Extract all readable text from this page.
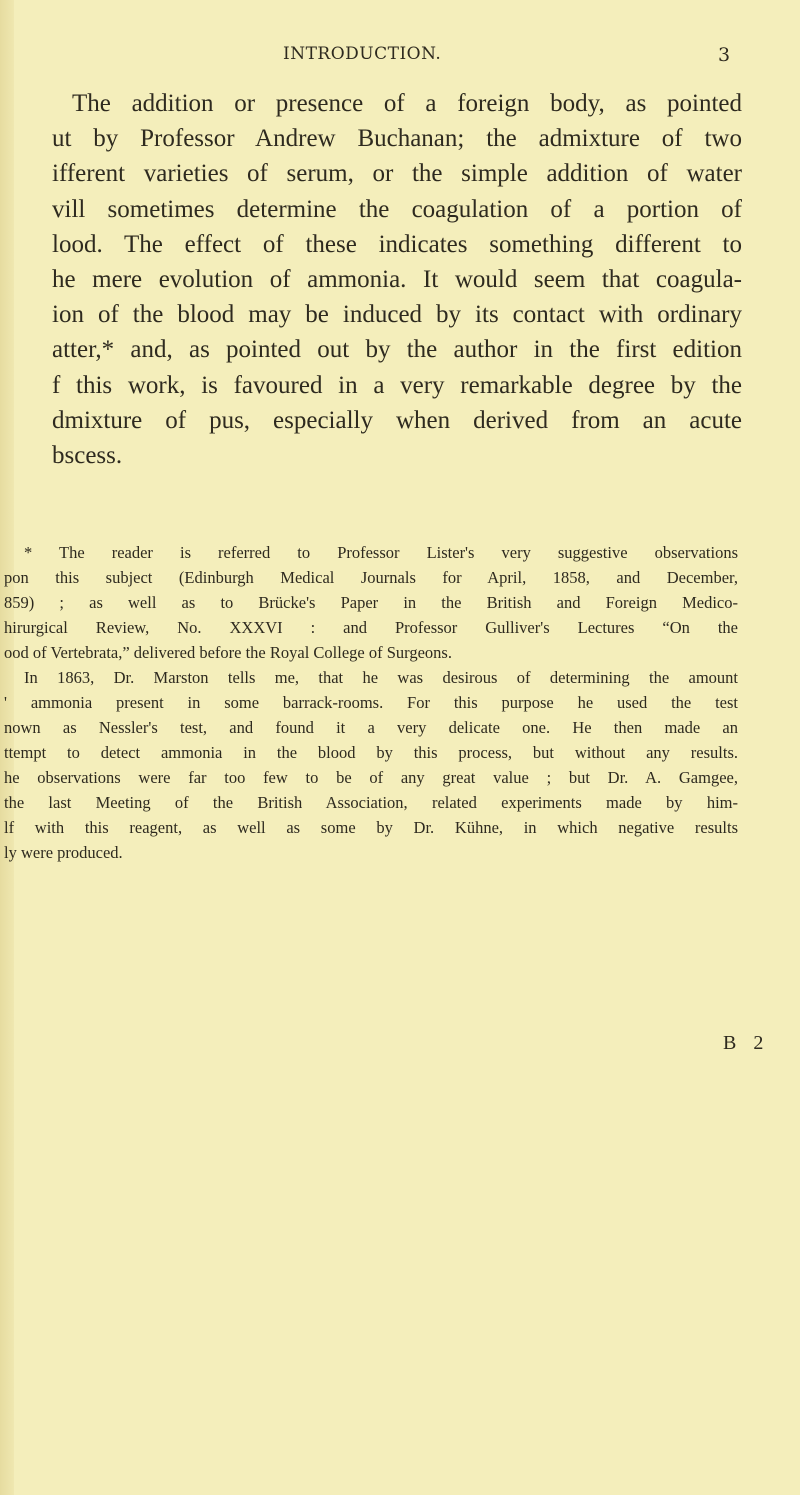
INTRODUCTION.	3
The addition or presence of a foreign body, as pointed
ut by Professor Andrew Buchanan; the admixture of two
ifferent varieties of serum, or the simple addition of water
vill sometimes determine the coagulation of a portion of
lood. The effect of these indicates something different to
he mere evolution of ammonia. It would seem that coagula-
ion of the blood may be induced by its contact with ordinary
atter,* and, as pointed out by the author in the first edition
f this work, is favoured in a very remarkable degree by the
dmixture of pus, especially when derived from an acute
bscess.
* The reader is referred to Professor Lister's very suggestive observations
pon this subject (Edinburgh Medical Journals for April, 1858, and December,
859) ; as well as to Brücke's Paper in the British and Foreign Medico-
hirurgical Review, No. XXXVI : and Professor Gulliver's Lectures “On the
ood of Vertebrata,” delivered before the Royal College of Surgeons.
In 1863, Dr. Marston tells me, that he was desirous of determining the amount
' ammonia present in some barrack-rooms. For this purpose he used the test
nown as Nessler's test, and found it a very delicate one. He then made an
ttempt to detect ammonia in the blood by this process, but without any results.
he observations were far too few to be of any great value ; but Dr. A. Gamgee,
the last Meeting of the British Association, related experiments made by him-
lf with this reagent, as well as some by Dr. Kühne, in which negative results
ly were produced.
B 2
